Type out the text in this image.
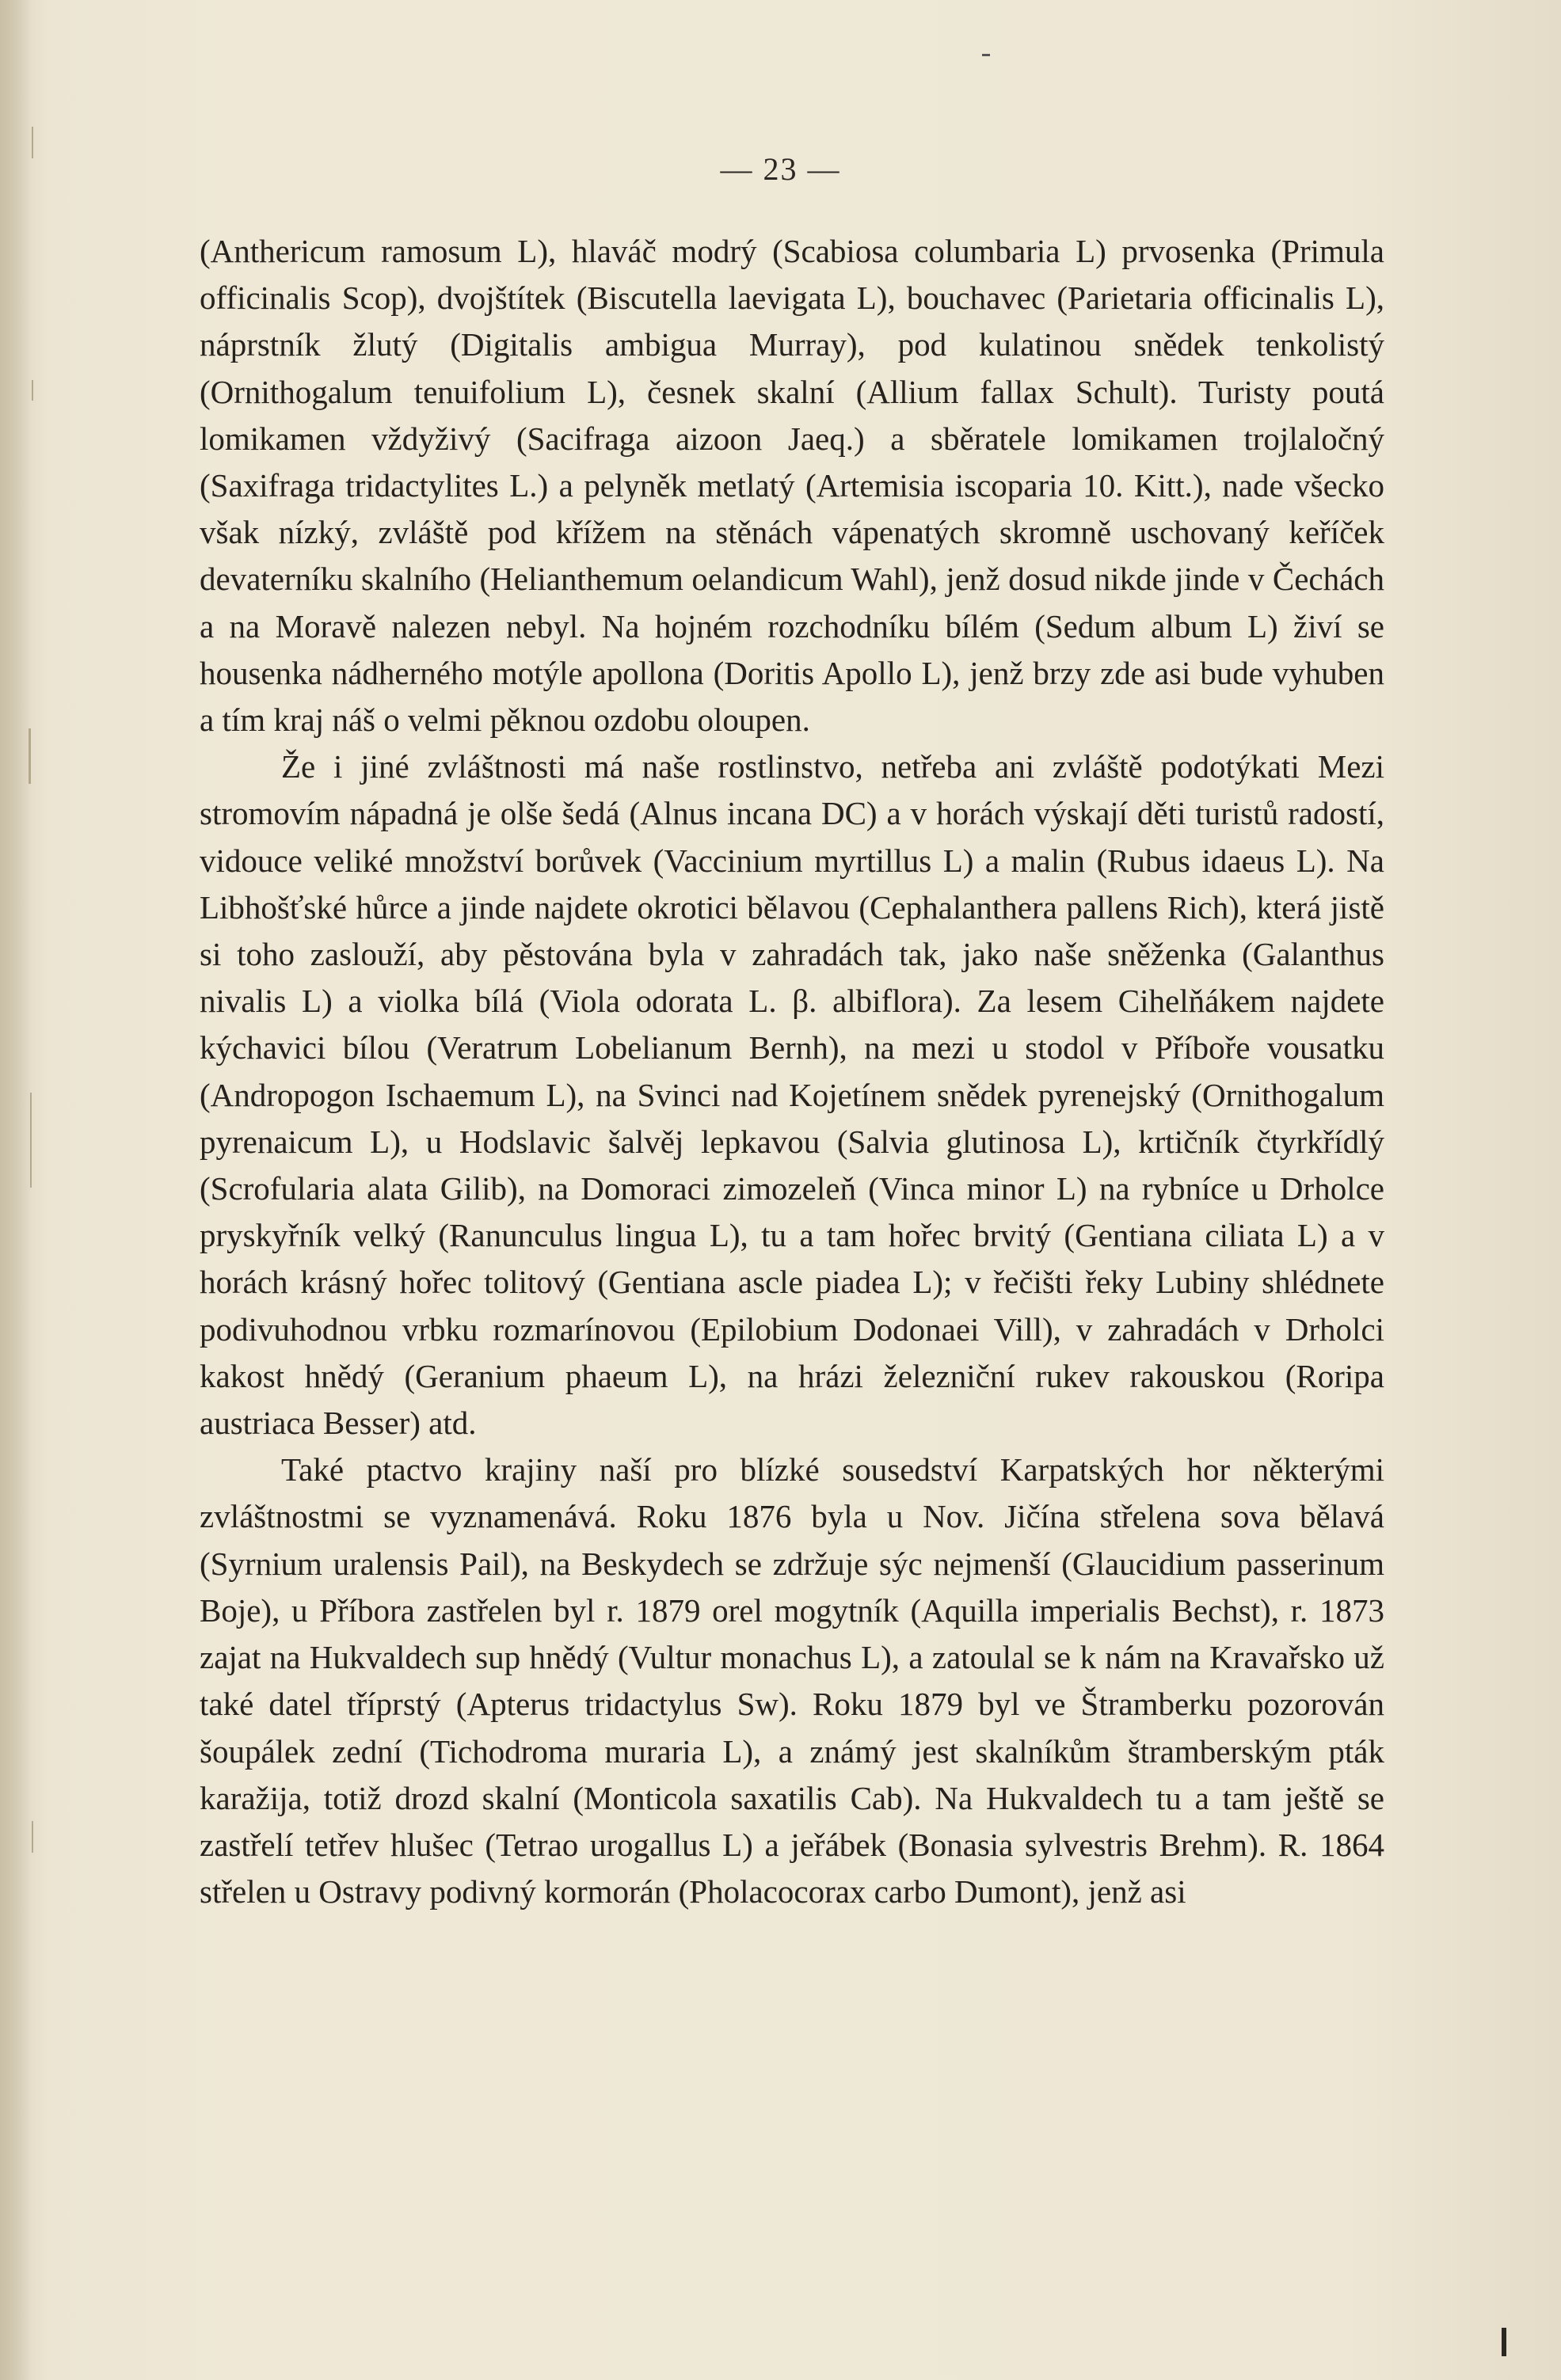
— 23 —

(Anthericum ramosum L), hlaváč modrý (Scabiosa columbaria L) prvosenka (Primula officinalis Scop), dvojštítek (Biscutella laevigata L), bouchavec (Parietaria officinalis L), náprstník žlutý (Digitalis ambigua Murray), pod kulatinou snědek tenkolistý (Ornithogalum tenuifolium L), česnek skalní (Allium fallax Schult). Turisty poutá lomikamen vždyživý (Sacifraga aizoon Jaeq.) a sběratele lomikamen trojlaločný (Saxifraga tridactylites L.) a pelyněk metlatý (Artemisia iscoparia 10. Kitt.), nade všecko však nízký, zvláště pod křížem na stěnách vápenatých skromně uschovaný keříček devaterníku skalního (Helianthemum oelandicum Wahl), jenž dosud nikde jinde v Čechách a na Moravě nalezen nebyl. Na hojném rozchodníku bílém (Sedum album L) živí se housenka nádherného motýle apollona (Doritis Apollo L), jenž brzy zde asi bude vyhuben a tím kraj náš o velmi pěknou ozdobu oloupen.

Že i jiné zvláštnosti má naše rostlinstvo, netřeba ani zvláště podotýkati Mezi stromovím nápadná je olše šedá (Alnus incana DC) a v horách výskají děti turistů radostí, vidouce veliké množství borůvek (Vaccinium myrtillus L) a malin (Rubus idaeus L). Na Libhošťské hůrce a jinde najdete okrotici bělavou (Cephalanthera pallens Rich), která jistě si toho zaslouží, aby pěstována byla v zahradách tak, jako naše sněženka (Galanthus nivalis L) a violka bílá (Viola odorata L. β. albiflora). Za lesem Cihelňákem najdete kýchavici bílou (Veratrum Lobelianum Bernh), na mezi u stodol v Příboře vousatku (Andropogon Ischaemum L), na Svinci nad Kojetínem snědek pyrenejský (Ornithogalum pyrenaicum L), u Hodslavic šalvěj lepkavou (Salvia glutinosa L), krtičník čtyrkřídlý (Scrofularia alata Gilib), na Domoraci zimozeleň (Vinca minor L) na rybníce u Drholce pryskyřník velký (Ranunculus lingua L), tu a tam hořec brvitý (Gentiana ciliata L) a v horách krásný hořec tolitový (Gentiana ascle piadea L); v řečišti řeky Lubiny shlédnete podivuhodnou vrbku rozmarínovou (Epilobium Dodonaei Vill), v zahradách v Drholci kakost hnědý (Geranium phaeum L), na hrázi železniční rukev rakouskou (Roripa austriaca Besser) atd.

Také ptactvo krajiny naší pro blízké sousedství Karpatských hor některými zvláštnostmi se vyznamenává. Roku 1876 byla u Nov. Jičína střelena sova bělavá (Syrnium uralensis Pail), na Beskydech se zdržuje sýc nejmenší (Glaucidium passerinum Boje), u Příbora zastřelen byl r. 1879 orel mogytník (Aquilla imperialis Bechst), r. 1873 zajat na Hukvaldech sup hnědý (Vultur monachus L), a zatoulal se k nám na Kravařsko už také datel tříprstý (Apterus tridactylus Sw). Roku 1879 byl ve Štramberku pozorován šoupálek zední (Tichodroma muraria L), a známý jest skalníkům štramberským pták karažija, totiž drozd skalní (Monticola saxatilis Cab). Na Hukvaldech tu a tam ještě se zastřelí tetřev hlušec (Tetrao urogallus L) a jeřábek (Bonasia sylvestris Brehm). R. 1864 střelen u Ostravy podivný kormorán (Pholacocorax carbo Dumont), jenž asi
